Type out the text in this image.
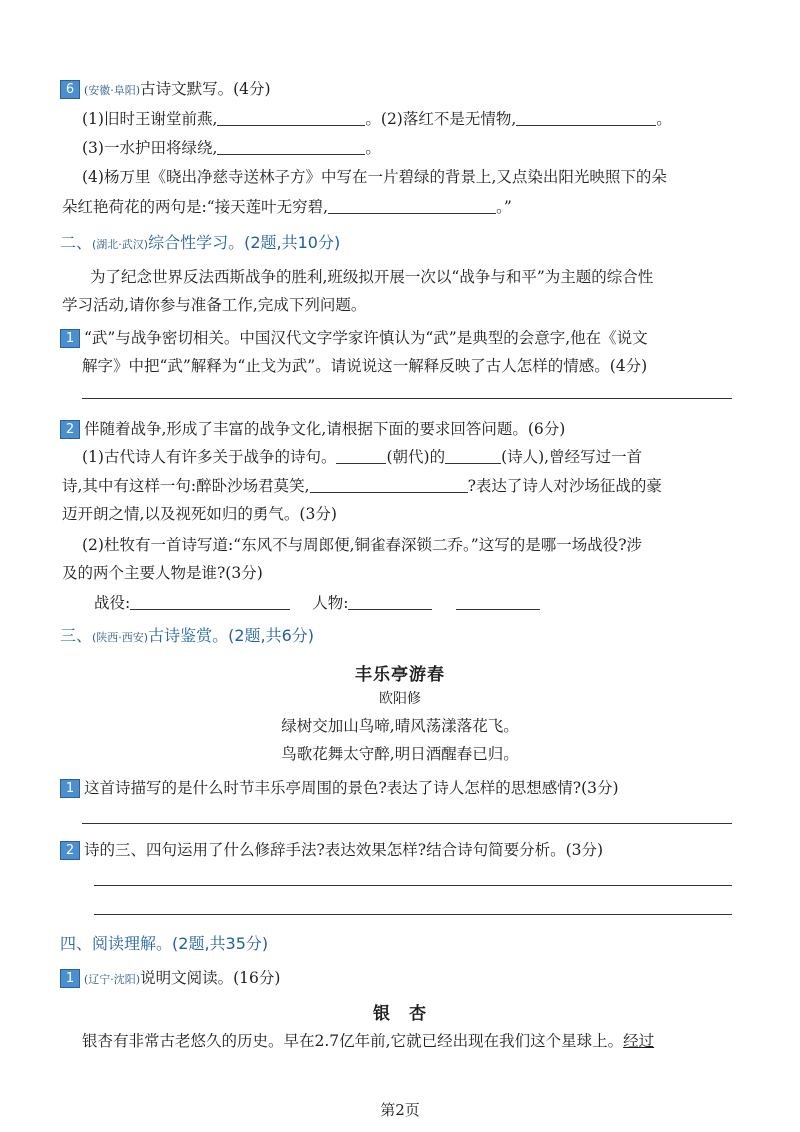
6 (安徽·阜阳)古诗文默写。(4分)
(1)旧时王谢堂前燕,	。(2)落红不是无情物,	。
(3)一水护田将绿绕,	。
(4)杨万里《晓出净慈寺送林子方》中写在一片碧绿的背景上,又点染出阳光映照下的朵
朵红艳荷花的两句是:“接天莲叶无穷碧,	。”
二、(湖北·武汉)综合性学习。(2题,共10分)
为了纪念世界反法西斯战争的胜利,班级拟开展一次以“战争与和平”为主题的综合性
学习活动,请你参与准备工作,完成下列问题。
1 “武”与战争密切相关。中国汉代文字学家许慎认为“武”是典型的会意字,他在《说文
解字》中把“武”解释为“止戈为武”。请说说这一解释反映了古人怎样的情感。(4分)
2 伴随着战争,形成了丰富的战争文化,请根据下面的要求回答问题。(6分)
(1)古代诗人有许多关于战争的诗句。	(朝代)的	(诗人),曾经写过一首
诗,其中有这样一句:醉卧沙场君莫笑,	?表达了诗人对沙场征战的豪
迈开朗之情,以及视死如归的勇气。(3分)
(2)杜牧有一首诗写道:“东风不与周郎便,铜雀春深锁二乔。”这写的是哪一场战役?涉
及的两个主要人物是谁?(3分)
战役:	人物:
三、(陕西·西安)古诗鉴赏。(2题,共6分)
丰乐亭游春
欧阳修
绿树交加山鸟啼,晴风荡漾落花飞。
鸟歌花舞太守醉,明日酒醒春已归。
1 这首诗描写的是什么时节丰乐亭周围的景色?表达了诗人怎样的思想感情?(3分)
2 诗的三、四句运用了什么修辞手法?表达效果怎样?结合诗句简要分析。(3分)
四、阅读理解。(2题,共35分)
1 (辽宁·沈阳)说明文阅读。(16分)
银　杏
银杏有非常古老悠久的历史。早在2.7亿年前,它就已经出现在我们这个星球上。经过
第2页
